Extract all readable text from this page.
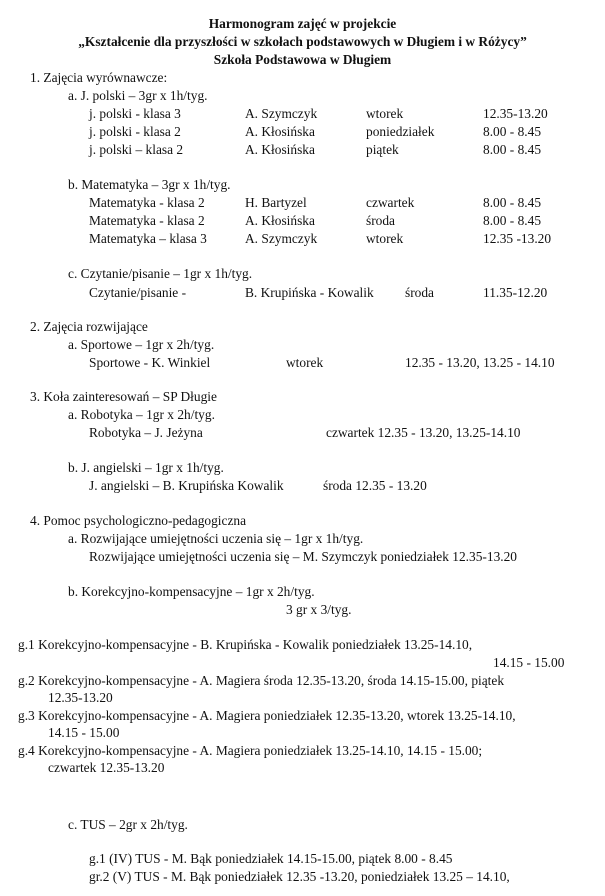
Harmonogram zajęć w projekcie
„Kształcenie dla przyszłości w szkołach podstawowych w Długiem i w Różycy”
Szkoła Podstawowa w Długiem
1. Zajęcia wyrównawcze:
a. J. polski – 3gr x 1h/tyg.
j. polski - klasa 3	A. Szymczyk	wtorek	12.35-13.20
j. polski - klasa 2	A. Kłosińska	poniedziałek	8.00 - 8.45
j. polski – klasa 2	A. Kłosińska	piątek	8.00 - 8.45
b. Matematyka – 3gr x 1h/tyg.
Matematyka - klasa 2	H. Bartyzel	czwartek	8.00 - 8.45
Matematyka - klasa 2	A. Kłosińska	środa	8.00 - 8.45
Matematyka – klasa 3	A. Szymczyk	wtorek	12.35 -13.20
c. Czytanie/pisanie – 1gr x 1h/tyg.
Czytanie/pisanie -	B. Krupińska - Kowalik środa	11.35-12.20
2. Zajęcia rozwijające
a. Sportowe – 1gr x 2h/tyg.
Sportowe - K. Winkiel	wtorek	12.35 - 13.20, 13.25 - 14.10
3. Koła zainteresowań – SP Długie
a. Robotyka – 1gr x 2h/tyg.
Robotyka – J. Jeżyna	czwartek 12.35 - 13.20, 13.25-14.10
b. J. angielski – 1gr x 1h/tyg.
J. angielski – B. Krupińska Kowalik	środa 12.35 - 13.20
4. Pomoc psychologiczno-pedagogiczna
a. Rozwijające umiejętności uczenia się – 1gr x 1h/tyg.
Rozwijające umiejętności uczenia się – M. Szymczyk poniedziałek 12.35-13.20
b. Korekcyjno-kompensacyjne – 1gr x 2h/tyg.
3 gr x 3/tyg.
g.1 Korekcyjno-kompensacyjne - B. Krupińska - Kowalik poniedziałek 13.25-14.10,
14.15 - 15.00
g.2 Korekcyjno-kompensacyjne - A. Magiera środa 12.35-13.20, środa 14.15-15.00, piątek
12.35-13.20
g.3 Korekcyjno-kompensacyjne - A. Magiera poniedziałek 12.35-13.20, wtorek 13.25-14.10,
14.15 - 15.00
g.4 Korekcyjno-kompensacyjne - A. Magiera poniedziałek 13.25-14.10, 14.15 - 15.00;
czwartek 12.35-13.20
c. TUS – 2gr x 2h/tyg.
g.1 (IV) TUS - M. Bąk poniedziałek 14.15-15.00, piątek 8.00 - 8.45
gr.2 (V) TUS - M. Bąk poniedziałek 12.35 -13.20, poniedziałek 13.25 – 14.10,
